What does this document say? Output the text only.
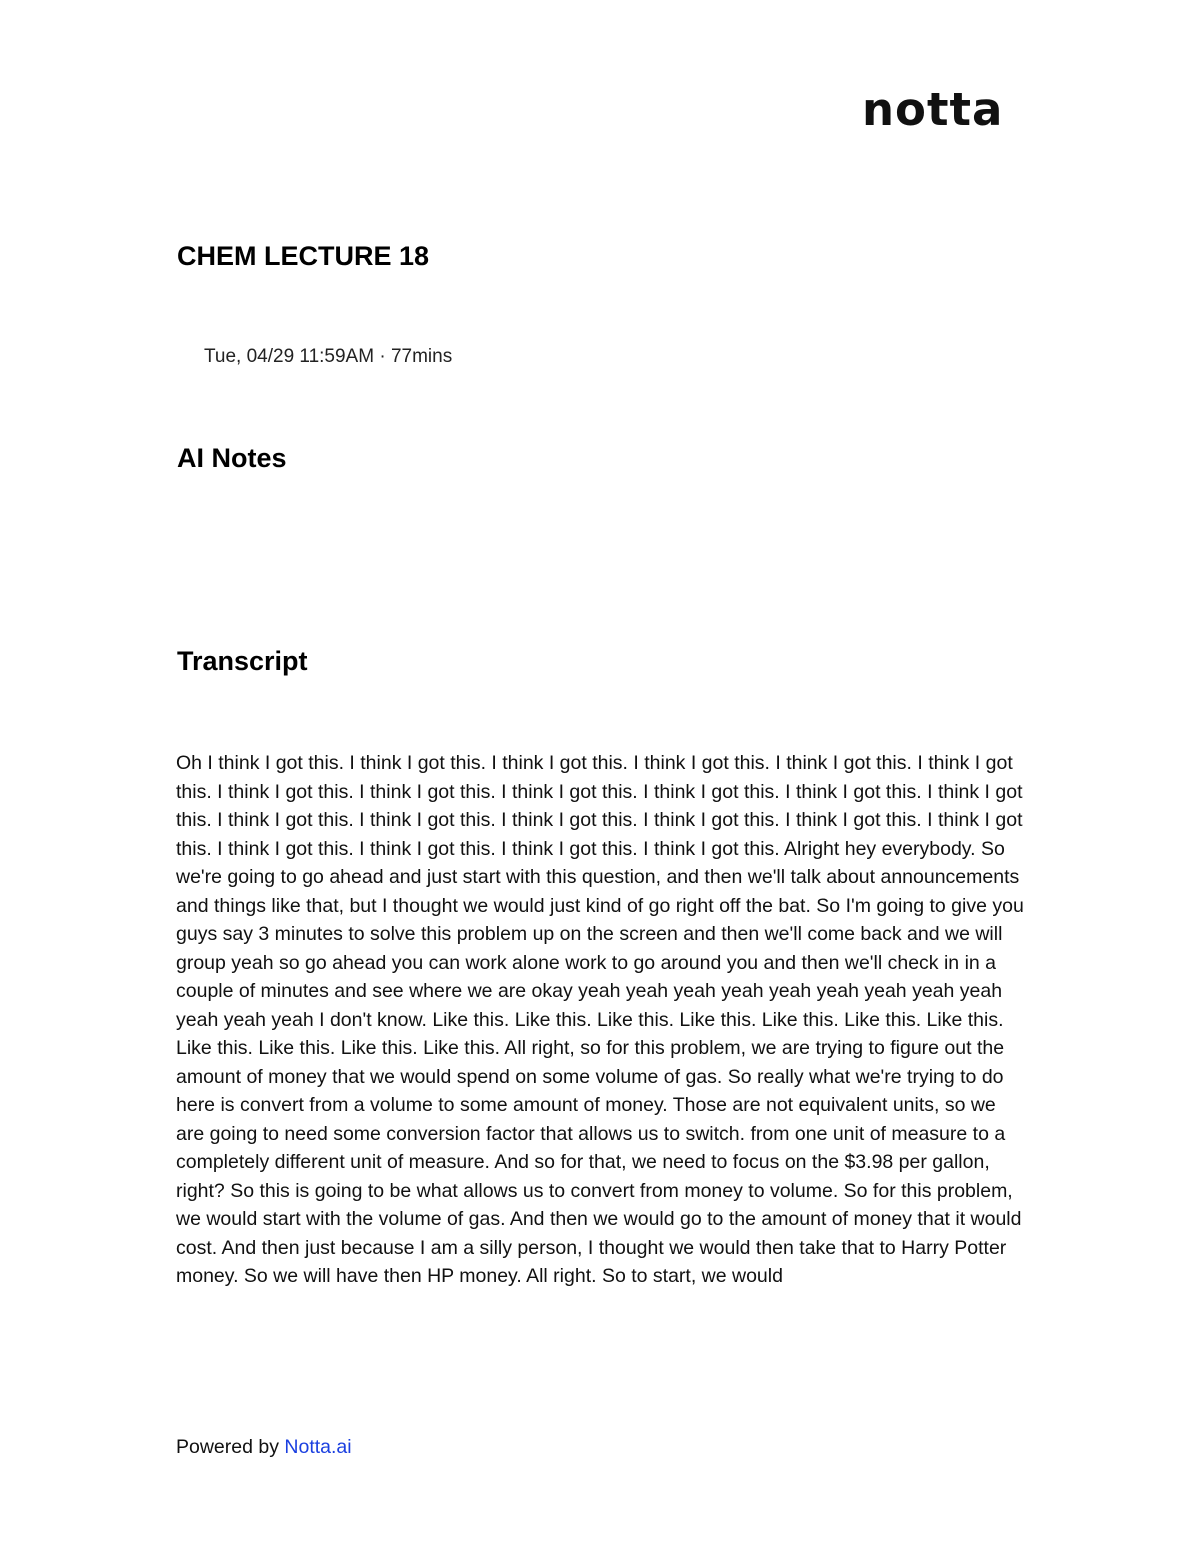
notta
CHEM LECTURE 18
Tue, 04/29 11:59AM · 77mins
AI Notes
Transcript

Oh I think I got this. I think I got this. I think I got this. I think I got this. I think I got this. I think I got this. I think I got this. I think I got this. I think I got this. I think I got this. I think I got this. I think I got this. I think I got this. I think I got this. I think I got this. I think I got this. I think I got this. I think I got this. I think I got this. I think I got this. I think I got this. I think I got this. Alright hey everybody. So we're going to go ahead and just start with this question, and then we'll talk about announcements and things like that, but I thought we would just kind of go right off the bat. So I'm going to give you guys say 3 minutes to solve this problem up on the screen and then we'll come back and we will group yeah so go ahead you can work alone work to go around you and then we'll check in in a couple of minutes and see where we are okay yeah yeah yeah yeah yeah yeah yeah yeah yeah yeah yeah yeah I don't know. Like this. Like this. Like this. Like this. Like this. Like this. Like this. Like this. Like this. Like this. Like this. All right, so for this problem, we are trying to figure out the amount of money that we would spend on some volume of gas. So really what we're trying to do here is convert from a volume to some amount of money. Those are not equivalent units, so we are going to need some conversion factor that allows us to switch. from one unit of measure to a completely different unit of measure. And so for that, we need to focus on the $3.98 per gallon, right? So this is going to be what allows us to convert from money to volume. So for this problem, we would start with the volume of gas. And then we would go to the amount of money that it would cost. And then just because I am a silly person, I thought we would then take that to Harry Potter money. So we will have then HP money. All right. So to start, we would

Powered by Notta.ai
